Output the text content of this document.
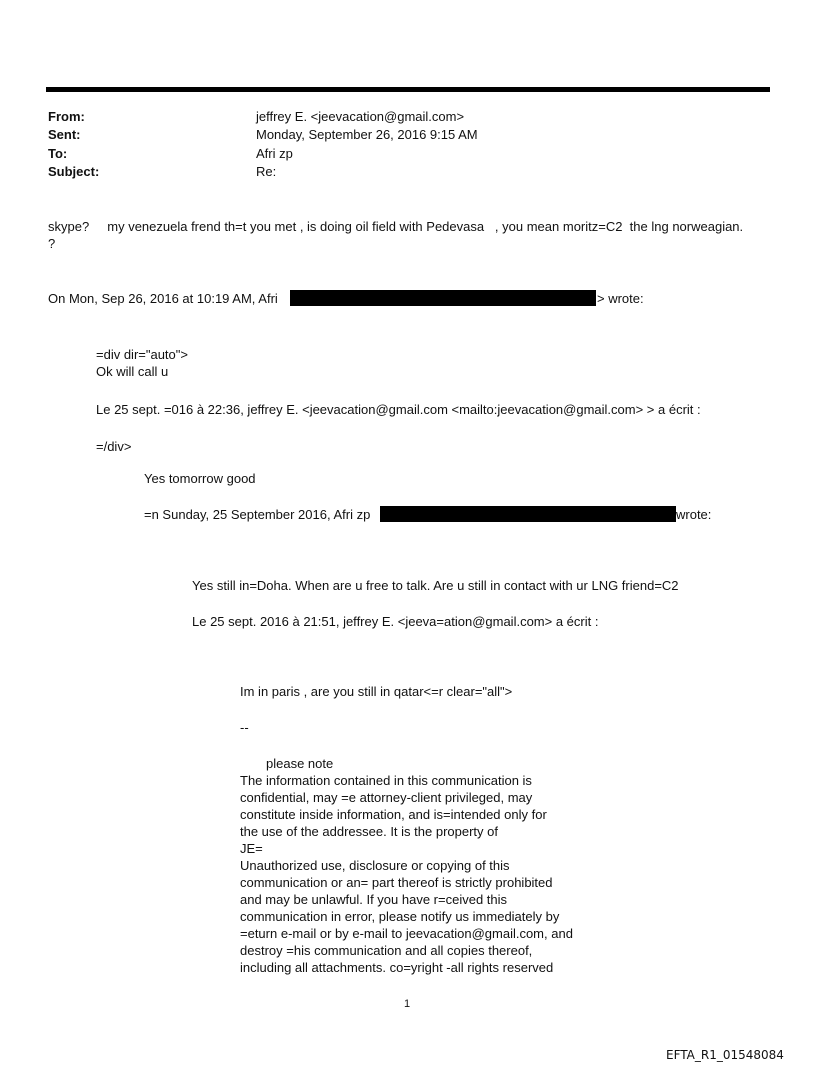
From:	jeffrey E. <jeevacation@gmail.com>
Sent:	Monday, September 26, 2016 9:15 AM
To:	Afri zp
Subject:	Re:
skype?     my venezuela frend th=t you met , is doing oil field with Pedevasa   , you mean moritz=C2  the lng norweagian.
?
On Mon, Sep 26, 2016 at 10:19 AM, Afri	> wrote:
=div dir="auto">
Ok will call u
Le 25 sept. =016 à 22:36, jeffrey E. <jeevacation@gmail.com <mailto:jeevacation@gmail.com> > a écrit :
=/div>
Yes tomorrow good
=n Sunday, 25 September 2016, Afri zp	wrote:
Yes still in=Doha. When are u free to talk. Are u still in contact with ur LNG friend=C2
Le 25 sept. 2016 à 21:51, jeffrey E. <jeeva=ation@gmail.com> a écrit :
Im in paris , are you still in qatar<=r clear="all">
--
please note
The information contained in this communication is
confidential, may =e attorney-client privileged, may
constitute inside information, and is=intended only for
the use of the addressee. It is the property of
JE=
Unauthorized use, disclosure or copying of this
communication or an= part thereof is strictly prohibited
and may be unlawful. If you have r=ceived this
communication in error, please notify us immediately by
=eturn e-mail or by e-mail to jeevacation@gmail.com, and
destroy =his communication and all copies thereof,
including all attachments. co=yright -all rights reserved
1
EFTA_R1_01548084
